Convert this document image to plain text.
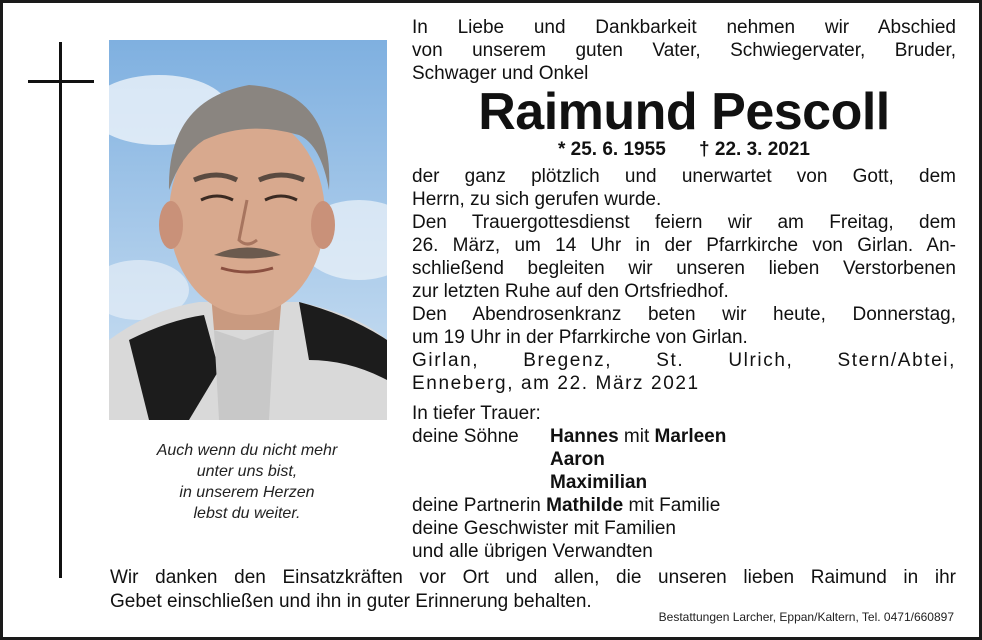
Auch wenn du nicht mehr
unter uns bist,
in unserem Herzen
lebst du weiter.
In Liebe und Dankbarkeit nehmen wir Abschied
von unserem guten Vater, Schwiegervater, Bruder,
Schwager und Onkel
Raimund Pescoll
* 25. 6. 1955 † 22. 3. 2021
der ganz plötzlich und unerwartet von Gott, dem
Herrn, zu sich gerufen wurde.
Den Trauergottesdienst feiern wir am Freitag, dem
26. März, um 14 Uhr in der Pfarrkirche von Girlan. An-
schließend begleiten wir unseren lieben Verstorbenen
zur letzten Ruhe auf den Ortsfriedhof.
Den Abendrosenkranz beten wir heute, Donnerstag,
um 19 Uhr in der Pfarrkirche von Girlan.
Girlan, Bregenz, St. Ulrich, Stern/Abtei,
Enneberg, am 22. März 2021
In tiefer Trauer:
deine Söhne	Hannes mit Marleen
Aaron
Maximilian
deine Partnerin Mathilde mit Familie
deine Geschwister mit Familien
und alle übrigen Verwandten
Wir danken den Einsatzkräften vor Ort und allen, die unseren lieben Raimund in ihr
Gebet einschließen und ihn in guter Erinnerung behalten.
Bestattungen Larcher, Eppan/Kaltern, Tel. 0471/660897
